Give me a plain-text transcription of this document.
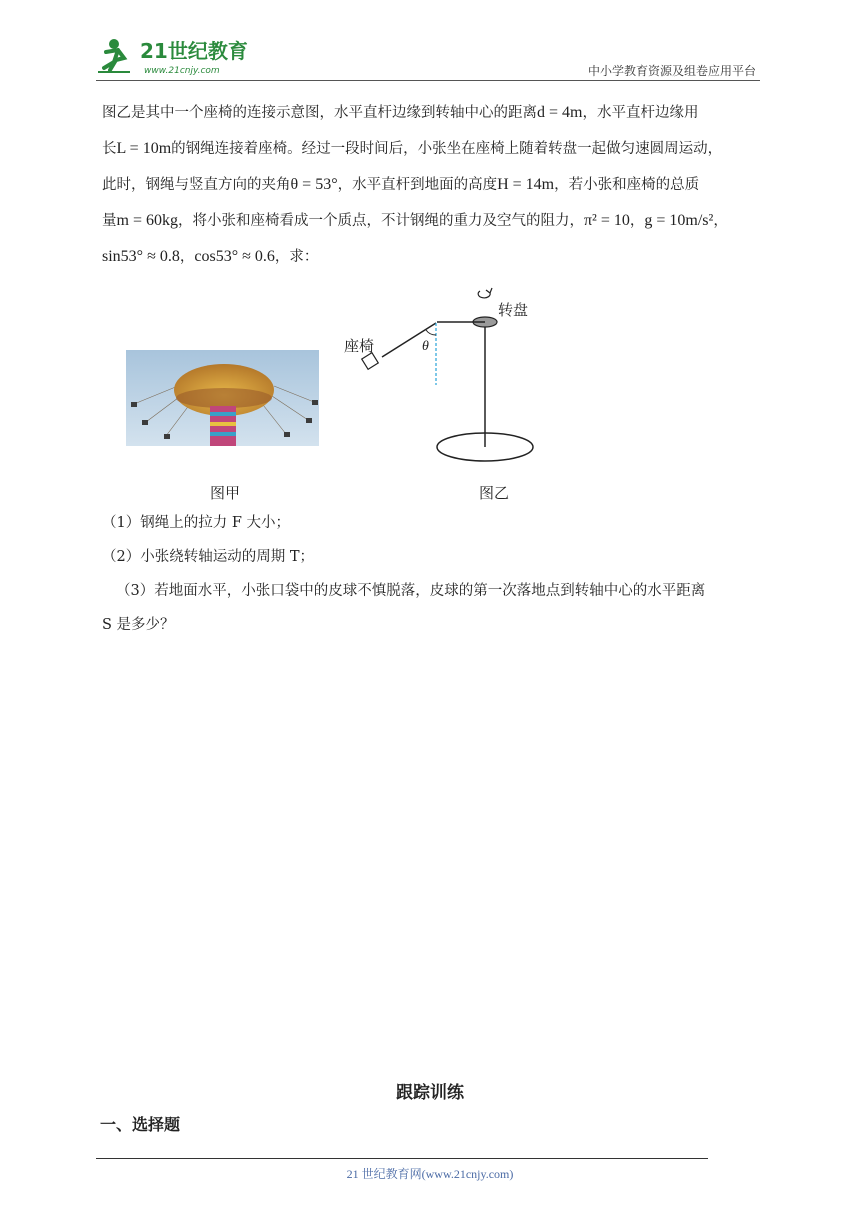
21世纪教育
www.21cnjy.com	中小学教育资源及组卷应用平台
图乙是其中一个座椅的连接示意图，水平直杆边缘到转轴中心的距离d = 4m，水平直杆边缘用
长L = 10m的钢绳连接着座椅。经过一段时间后，小张坐在座椅上随着转盘一起做匀速圆周运动，
此时，钢绳与竖直方向的夹角θ = 53°，水平直杆到地面的高度H = 14m，若小张和座椅的总质
量m = 60kg，将小张和座椅看成一个质点，不计钢绳的重力及空气的阻力，π² = 10，g = 10m/s²，
sin53° ≈ 0.8，cos53° ≈ 0.6，求：
图甲
θ
座椅
转盘
图乙
（1）钢绳上的拉力 F 大小；
（2）小张绕转轴运动的周期 T；
（3）若地面水平，小张口袋中的皮球不慎脱落，皮球的第一次落地点到转轴中心的水平距离
S 是多少？
跟踪训练
一、选择题
21 世纪教育网(www.21cnjy.com)
